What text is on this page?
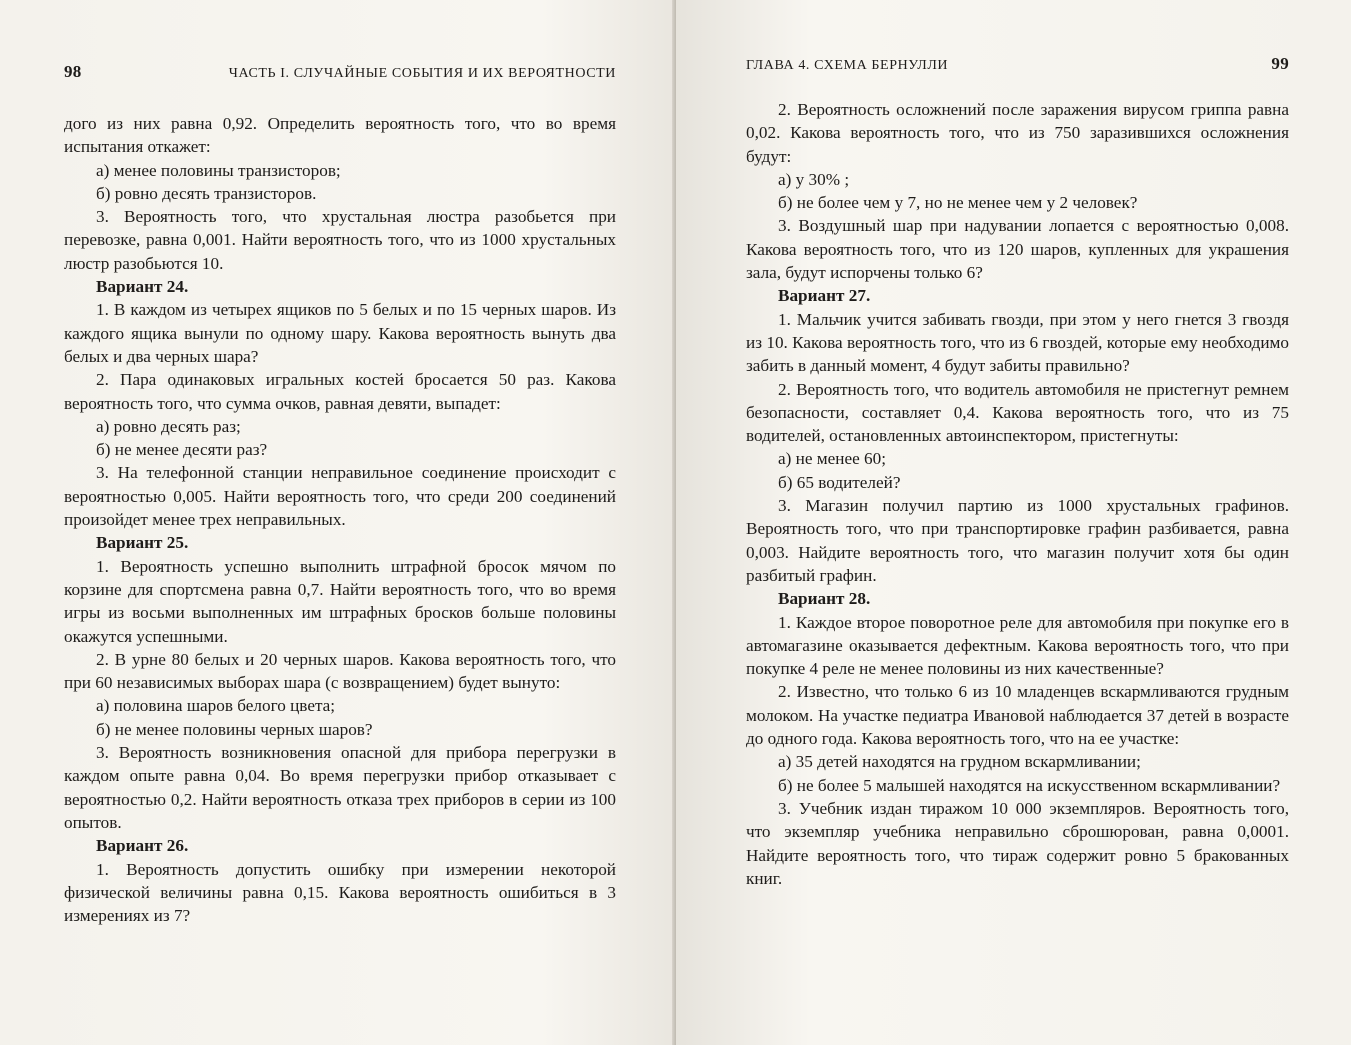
98	ЧАСТЬ I. СЛУЧАЙНЫЕ СОБЫТИЯ И ИХ ВЕРОЯТНОСТИ

дого из них равна 0,92. Определить вероятность того, что во время испытания откажет:

а) менее половины транзисторов;

б) ровно десять транзисторов.

3. Вероятность того, что хрустальная люстра разобьется при перевозке, равна 0,001. Найти вероятность того, что из 1000 хрустальных люстр разобьются 10.

Вариант 24.

1. В каждом из четырех ящиков по 5 белых и по 15 черных шаров. Из каждого ящика вынули по одному шару. Какова вероятность вынуть два белых и два черных шара?

2. Пара одинаковых игральных костей бросается 50 раз. Какова вероятность того, что сумма очков, равная девяти, выпадет:

а) ровно десять раз;

б) не менее десяти раз?

3. На телефонной станции неправильное соединение происходит с вероятностью 0,005. Найти вероятность того, что среди 200 соединений произойдет менее трех неправильных.

Вариант 25.

1. Вероятность успешно выполнить штрафной бросок мячом по корзине для спортсмена равна 0,7. Найти вероятность того, что во время игры из восьми выполненных им штрафных бросков больше половины окажутся успешными.

2. В урне 80 белых и 20 черных шаров. Какова вероятность того, что при 60 независимых выборах шара (с возвращением) будет вынуто:

а) половина шаров белого цвета;

б) не менее половины черных шаров?

3. Вероятность возникновения опасной для прибора перегрузки в каждом опыте равна 0,04. Во время перегрузки прибор отказывает с вероятностью 0,2. Найти вероятность отказа трех приборов в серии из 100 опытов.

Вариант 26.

1. Вероятность допустить ошибку при измерении некоторой физической величины равна 0,15. Какова вероятность ошибиться в 3 измерениях из 7?

ГЛАВА 4. СХЕМА БЕРНУЛЛИ	99

2. Вероятность осложнений после заражения вирусом гриппа равна 0,02. Какова вероятность того, что из 750 заразившихся осложнения будут:

а) у 30% ;

б) не более чем у 7, но не менее чем у 2 человек?

3. Воздушный шар при надувании лопается с вероятностью 0,008. Какова вероятность того, что из 120 шаров, купленных для украшения зала, будут испорчены только 6?

Вариант 27.

1. Мальчик учится забивать гвозди, при этом у него гнется 3 гвоздя из 10. Какова вероятность того, что из 6 гвоздей, которые ему необходимо забить в данный момент, 4 будут забиты правильно?

2. Вероятность того, что водитель автомобиля не пристегнут ремнем безопасности, составляет 0,4. Какова вероятность того, что из 75 водителей, остановленных автоинспектором, пристегнуты:

а) не менее 60;

б) 65 водителей?

3. Магазин получил партию из 1000 хрустальных графинов. Вероятность того, что при транспортировке графин разбивается, равна 0,003. Найдите вероятность того, что магазин получит хотя бы один разбитый графин.

Вариант 28.

1. Каждое второе поворотное реле для автомобиля при покупке его в автомагазине оказывается дефектным. Какова вероятность того, что при покупке 4 реле не менее половины из них качественные?

2. Известно, что только 6 из 10 младенцев вскармливаются грудным молоком. На участке педиатра Ивановой наблюдается 37 детей в возрасте до одного года. Какова вероятность того, что на ее участке:

а) 35 детей находятся на грудном вскармливании;

б) не более 5 малышей находятся на искусственном вскармливании?

3. Учебник издан тиражом 10 000 экземпляров. Вероятность того, что экземпляр учебника неправильно сброшюрован, равна 0,0001. Найдите вероятность того, что тираж содержит ровно 5 бракованных книг.
